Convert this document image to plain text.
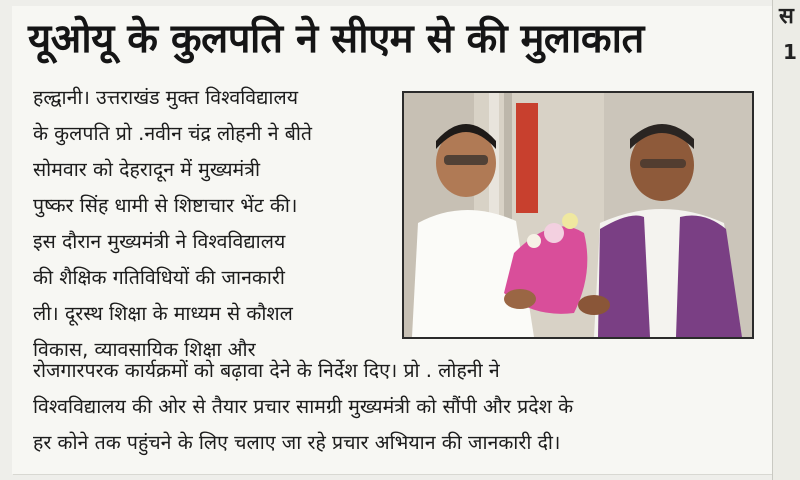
यूओयू के कुलपति ने सीएम से की मुलाकात
हल्द्वानी। उत्तराखंड मुक्त विश्वविद्यालय
के कुलपति प्रो .नवीन चंद्र लोहनी ने बीते
सोमवार को देहरादून में मुख्यमंत्री
पुष्कर सिंह धामी से शिष्टाचार भेंट की।
इस दौरान मुख्यमंत्री ने विश्वविद्यालय
की शैक्षिक गतिविधियों की जानकारी
ली। दूरस्थ शिक्षा के माध्यम से कौशल
विकास, व्यावसायिक शिक्षा और
रोजगारपरक कार्यक्रमों को बढ़ावा देने के निर्देश दिए। प्रो . लोहनी ने
विश्वविद्यालय की ओर से तैयार प्रचार सामग्री मुख्यमंत्री को सौंपी और प्रदेश के
हर कोने तक पहुंचने के लिए चलाए जा रहे प्रचार अभियान की जानकारी दी।
स
1
